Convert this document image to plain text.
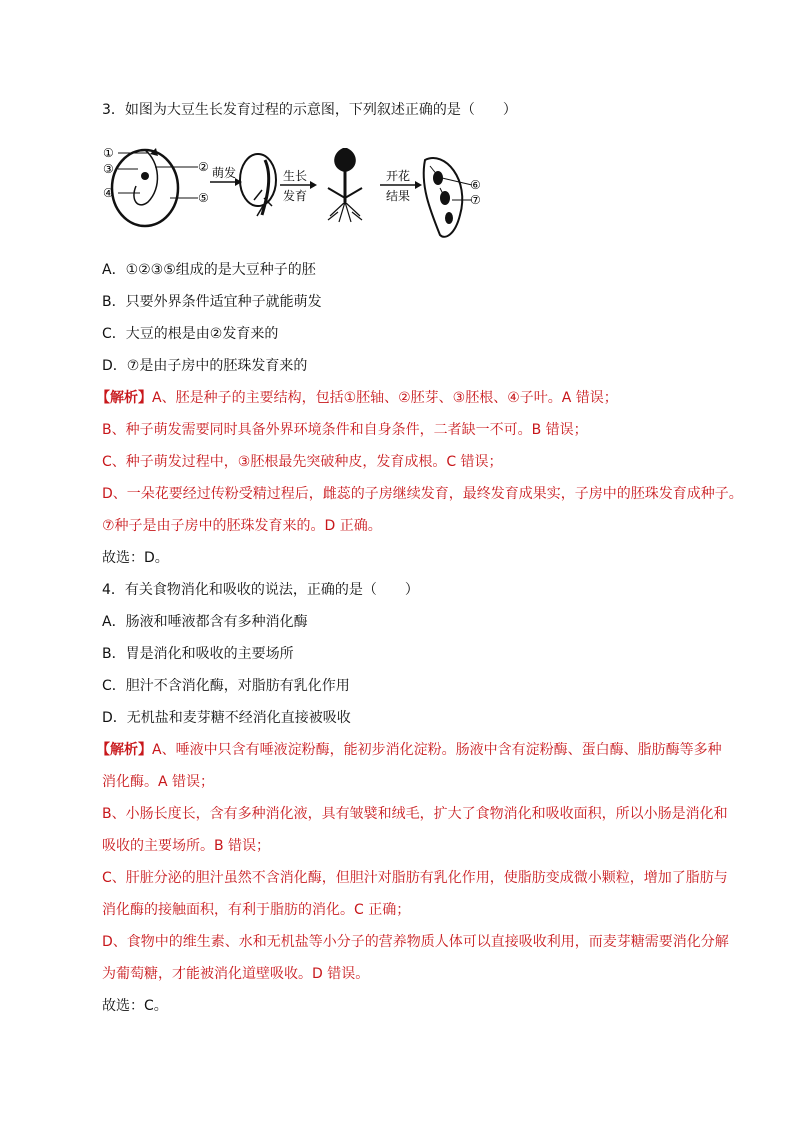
3．如图为大豆生长发育过程的示意图，下列叙述正确的是（　　）
①
③
④
②
⑤
萌发	生长
发育
开花
结果
⑥
⑦
A．①②③⑤组成的是大豆种子的胚
B．只要外界条件适宜种子就能萌发
C．大豆的根是由②发育来的
D．⑦是由子房中的胚珠发育来的
【解析】A、胚是种子的主要结构，包括①胚轴、②胚芽、③胚根、④子叶。A 错误；
B、种子萌发需要同时具备外界环境条件和自身条件，二者缺一不可。B 错误；
C、种子萌发过程中，③胚根最先突破种皮，发育成根。C 错误；
D、一朵花要经过传粉受精过程后，雌蕊的子房继续发育，最终发育成果实，子房中的胚珠发育成种子。
⑦种子是由子房中的胚珠发育来的。D 正确。
故选：D。
4．有关食物消化和吸收的说法，正确的是（　　）
A．肠液和唾液都含有多种消化酶
B．胃是消化和吸收的主要场所
C．胆汁不含消化酶，对脂肪有乳化作用
D．无机盐和麦芽糖不经消化直接被吸收
【解析】A、唾液中只含有唾液淀粉酶，能初步消化淀粉。肠液中含有淀粉酶、蛋白酶、脂肪酶等多种
消化酶。A 错误；
B、小肠长度长，含有多种消化液，具有皱襞和绒毛，扩大了食物消化和吸收面积，所以小肠是消化和
吸收的主要场所。B 错误；
C、肝脏分泌的胆汁虽然不含消化酶，但胆汁对脂肪有乳化作用，使脂肪变成微小颗粒，增加了脂肪与
消化酶的接触面积，有利于脂肪的消化。C 正确；
D、食物中的维生素、水和无机盐等小分子的营养物质人体可以直接吸收利用，而麦芽糖需要消化分解
为葡萄糖，才能被消化道壁吸收。D 错误。
故选：C。
